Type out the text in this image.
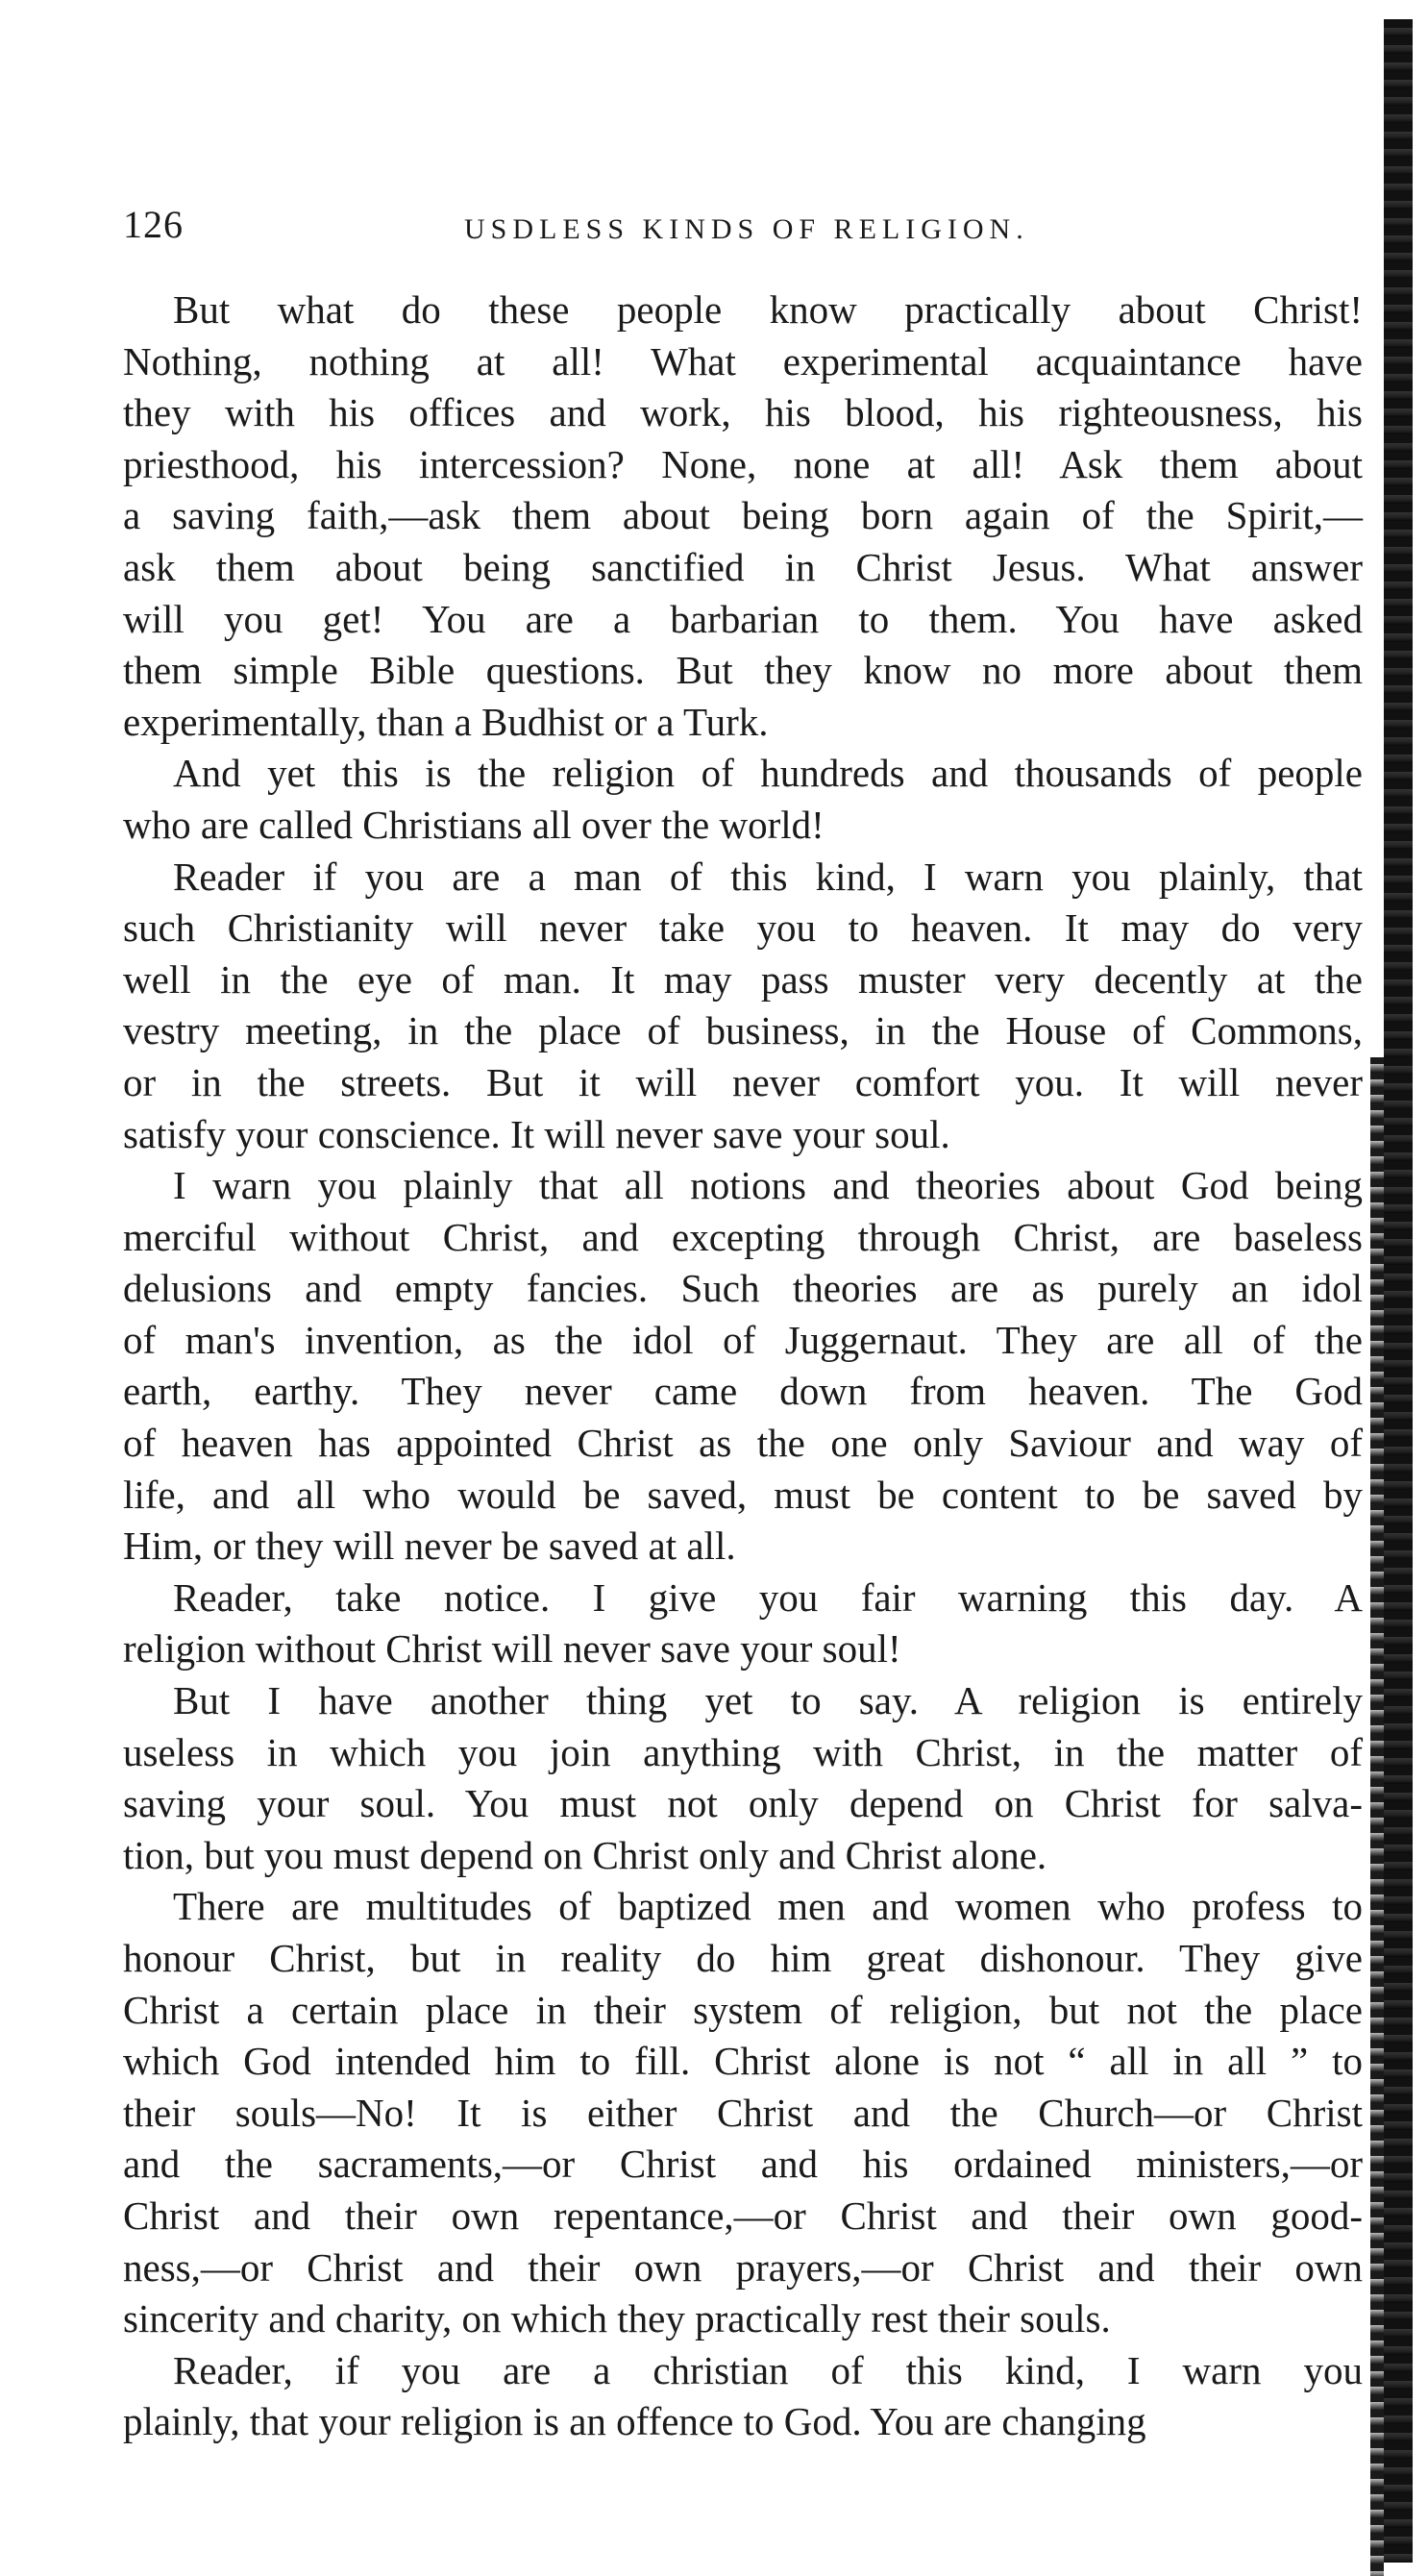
126	USDLESS KINDS OF RELIGION.
But what do these people know practically about Christ!
Nothing, nothing at all! What experimental acquaintance have
they with his offices and work, his blood, his righteousness, his
priesthood, his intercession? None, none at all! Ask them about
a saving faith,—ask them about being born again of the Spirit,—
ask them about being sanctified in Christ Jesus. What answer
will you get! You are a barbarian to them. You have asked
them simple Bible questions. But they know no more about them
experimentally, than a Budhist or a Turk.
And yet this is the religion of hundreds and thousands of people
who are called Christians all over the world!
Reader if you are a man of this kind, I warn you plainly, that
such Christianity will never take you to heaven. It may do very
well in the eye of man. It may pass muster very decently at the
vestry meeting, in the place of business, in the House of Commons,
or in the streets. But it will never comfort you. It will never
satisfy your conscience. It will never save your soul.
I warn you plainly that all notions and theories about God being
merciful without Christ, and excepting through Christ, are baseless
delusions and empty fancies. Such theories are as purely an idol
of man's invention, as the idol of Juggernaut. They are all of the
earth, earthy. They never came down from heaven. The God
of heaven has appointed Christ as the one only Saviour and way of
life, and all who would be saved, must be content to be saved by
Him, or they will never be saved at all.
Reader, take notice. I give you fair warning this day. A
religion without Christ will never save your soul!
But I have another thing yet to say. A religion is entirely
useless in which you join anything with Christ, in the matter of
saving your soul. You must not only depend on Christ for salva-
tion, but you must depend on Christ only and Christ alone.
There are multitudes of baptized men and women who profess to
honour Christ, but in reality do him great dishonour. They give
Christ a certain place in their system of religion, but not the place
which God intended him to fill. Christ alone is not “ all in all ” to
their souls—No! It is either Christ and the Church—or Christ
and the sacraments,—or Christ and his ordained ministers,—or
Christ and their own repentance,—or Christ and their own good-
ness,—or Christ and their own prayers,—or Christ and their own
sincerity and charity, on which they practically rest their souls.
Reader, if you are a christian of this kind, I warn you
plainly, that your religion is an offence to God. You are changing
